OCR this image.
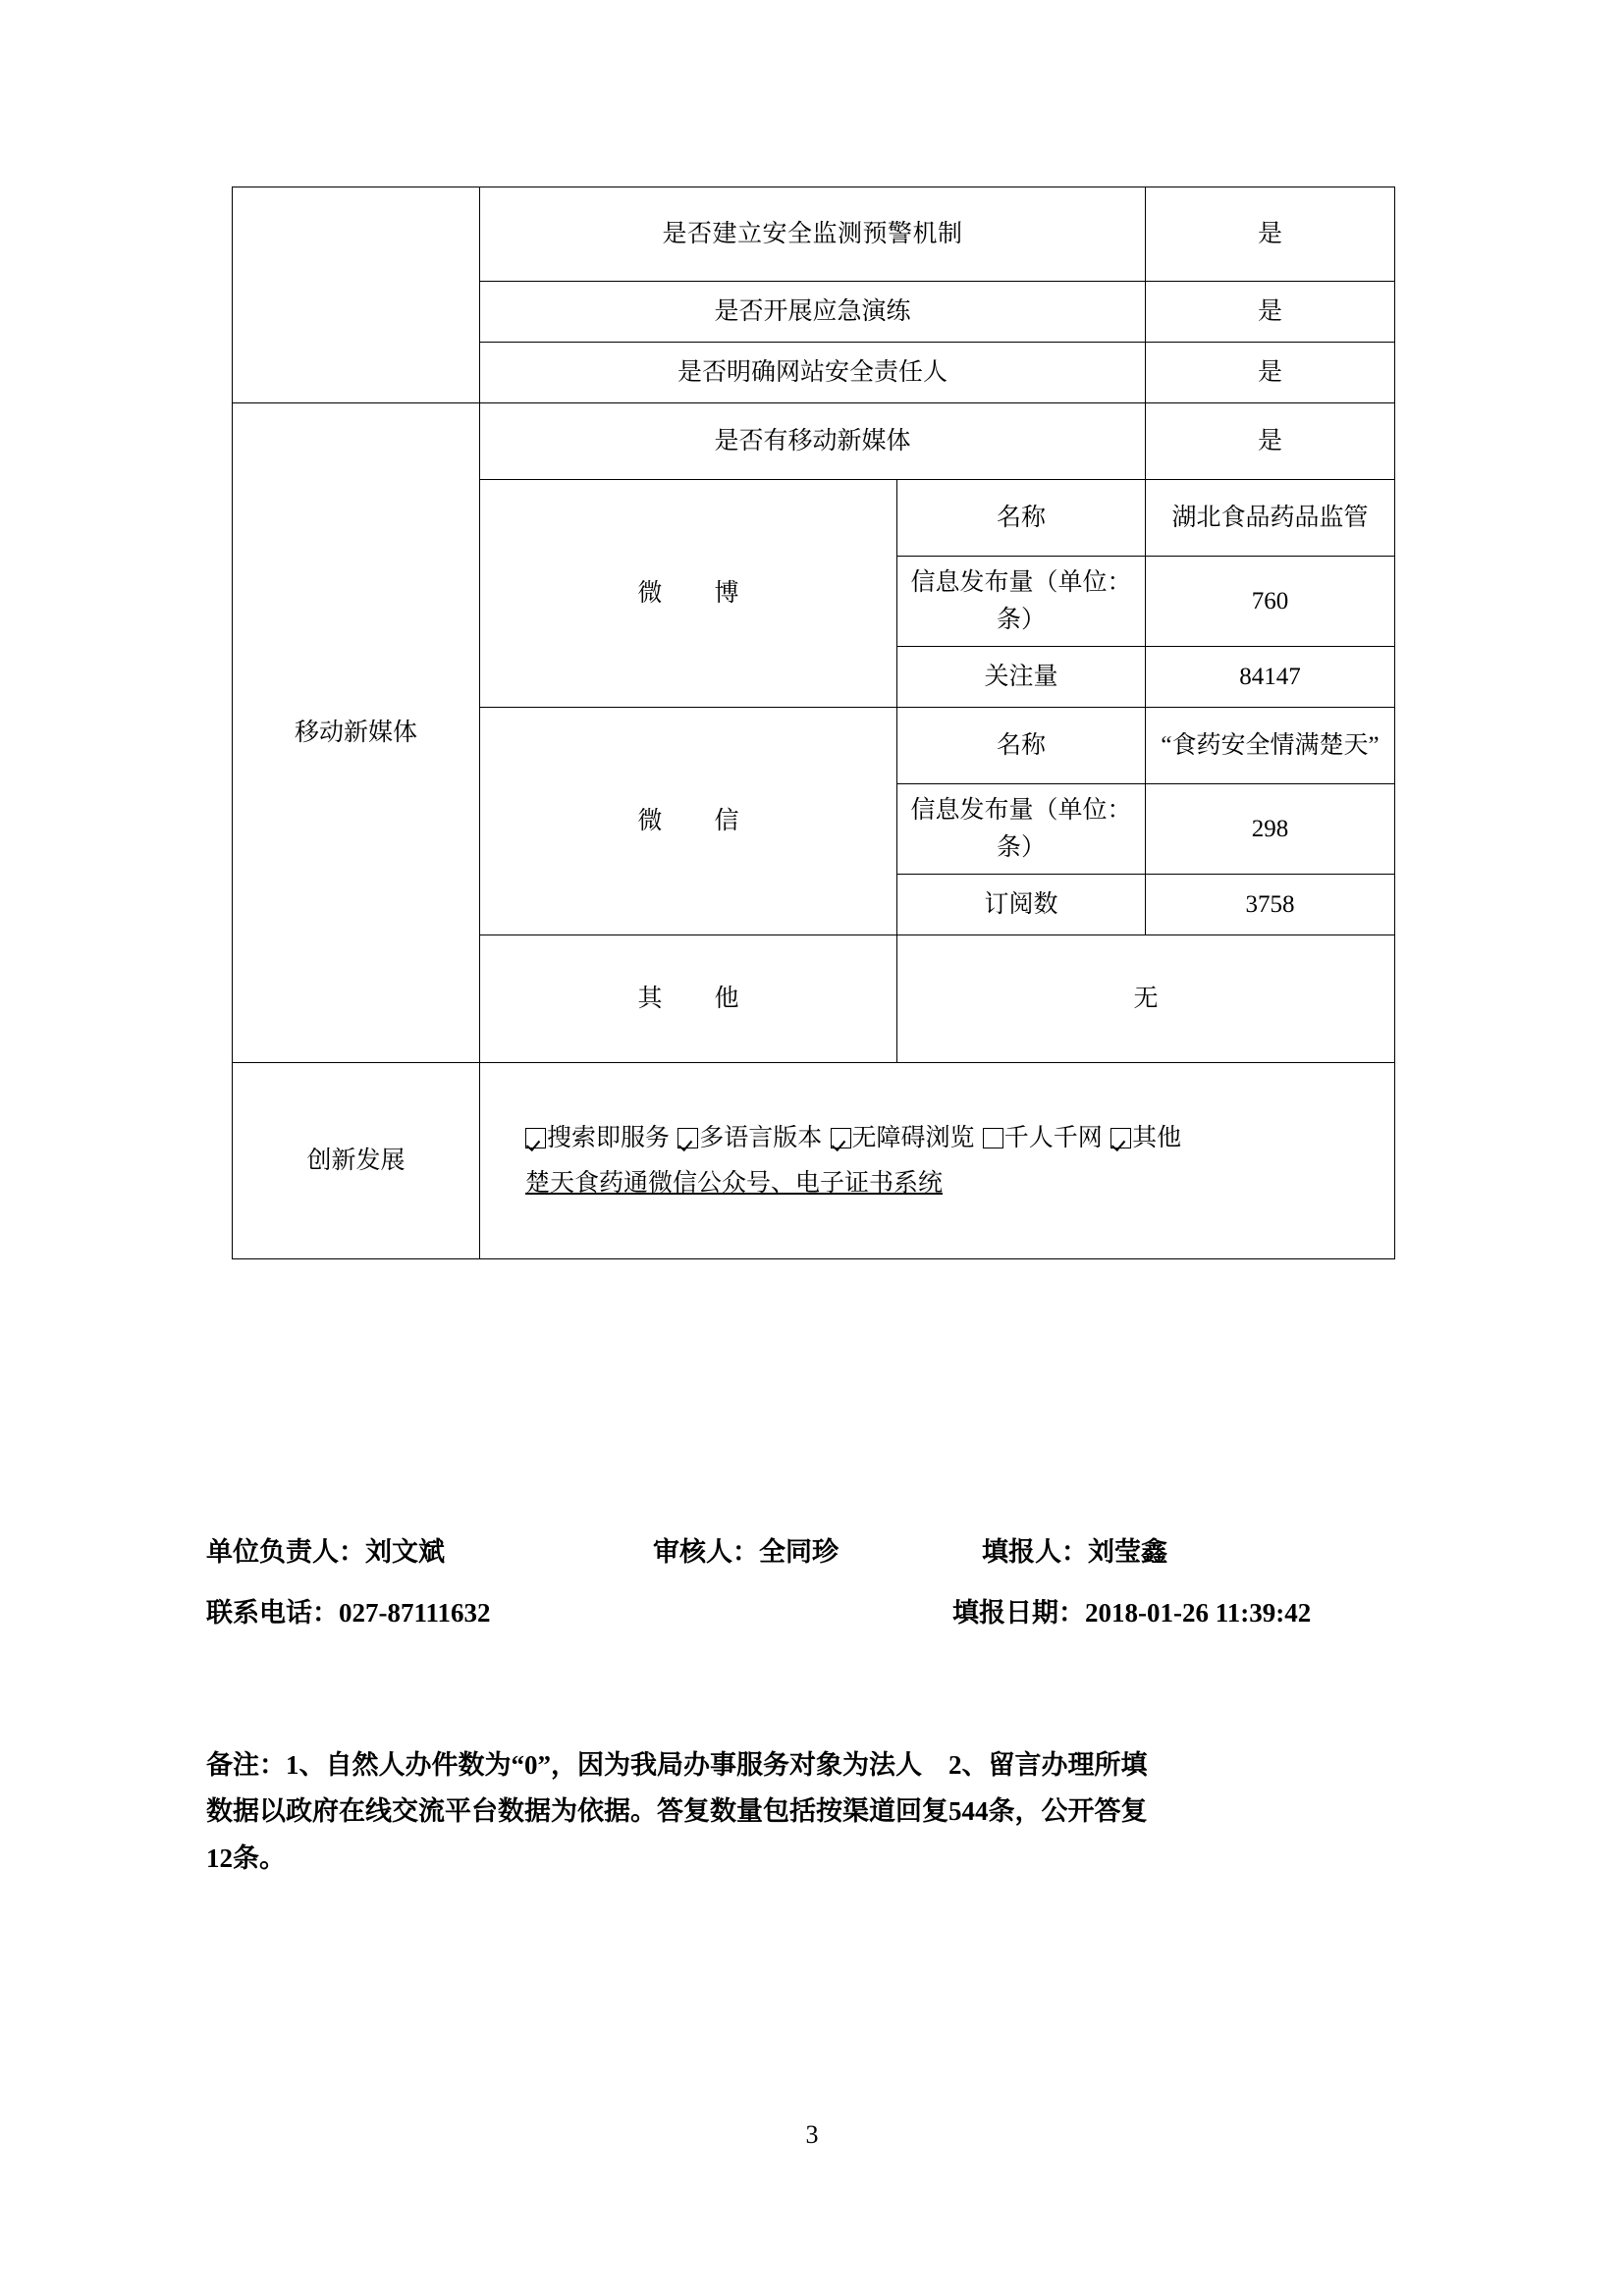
	是否建立安全监测预警机制		是
	是否开展应急演练		是
	是否明确网站安全责任人		是
移动新媒体	是否有移动新媒体		是
	微　博	名称	湖北食品药品监管
		信息发布量（单位：条）	760
		关注量	84147
	微　信	名称	“食药安全情满楚天”
		信息发布量（单位：条）	298
		订阅数	3758
	其　他	无	
创新发展	搜索即服务 多语言版本 无障碍浏览 千人千网 其他
楚天食药通微信公众号、电子证书系统		
单位负责人：刘文斌	审核人：全同珍	填报人：刘莹鑫
联系电话：027-87111632	填报日期：2018-01-26 11:39:42
备注：1、自然人办件数为“0”，因为我局办事服务对象为法人　2、留言办理所填
数据以政府在线交流平台数据为依据。答复数量包括按渠道回复544条，公开答复
12条。
3
